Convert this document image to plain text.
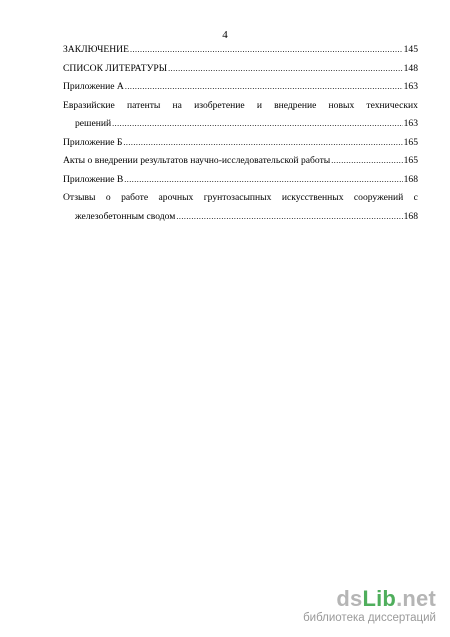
4
ЗАКЛЮЧЕНИЕ .....	145
СПИСОК ЛИТЕРАТУРЫ .....	148
Приложение А .....	163
Евразийские патенты на изобретение и внедрение новых технических
решений .....	163
Приложение Б .....	165
Акты о внедрении результатов научно-исследовательской работы .....	165
Приложение В .....	168
Отзывы о работе арочных грунтозасыпных искусственных сооружений с
железобетонным сводом .....	168
dsLib.net
библиотека диссертаций
